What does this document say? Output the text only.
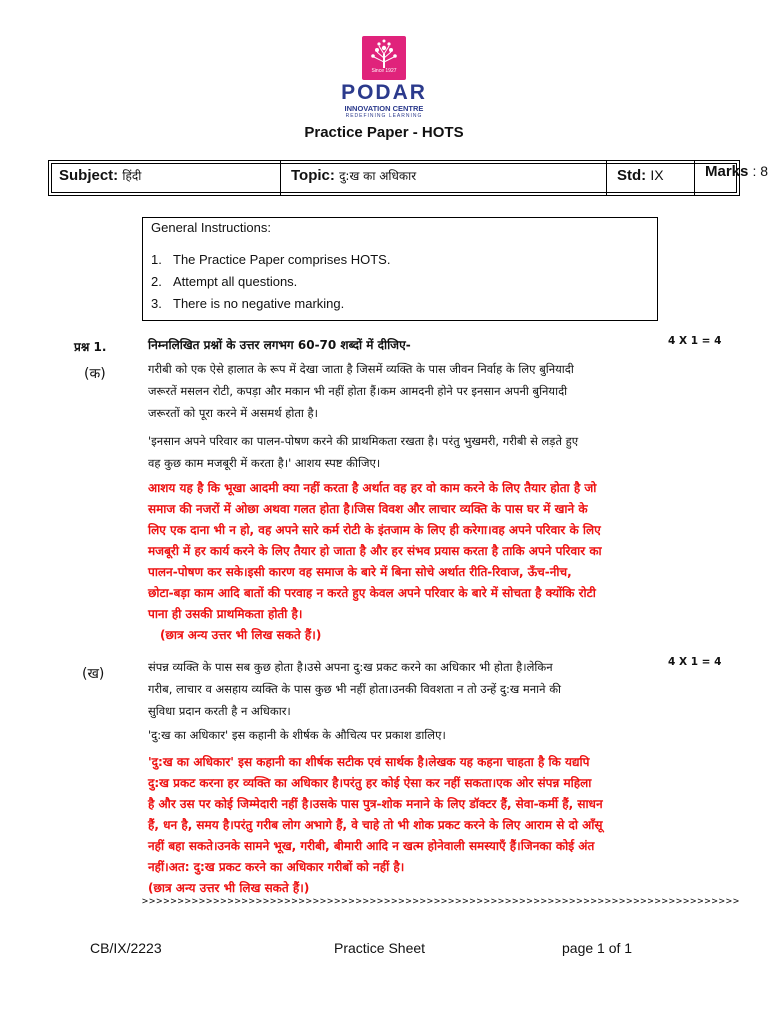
Since 1927
PODAR
INNOVATION CENTRE
REDEFINING LEARNING
Practice Paper - HOTS
Subject: हिंदी	Topic: दु:ख का अधिकार	Std: IX	Marks : 8
General Instructions:
1. The Practice Paper comprises HOTS.
2. Attempt all questions.
3. There is no negative marking.
प्रश्न 1.	निम्नलिखित प्रश्नों के उत्तर लगभग 60-70 शब्दों में दीजिए-	4 X 1 = 4
(क)	गरीबी को एक ऐसे हालात के रूप में देखा जाता है जिसमें व्यक्ति के पास जीवन निर्वाह के लिए बुनियादी
जरूरतें मसलन रोटी, कपड़ा और मकान भी नहीं होता हैं।कम आमदनी होने पर इनसान अपनी बुनियादी
जरूरतों को पूरा करने में असमर्थ होता है।
'इनसान अपने परिवार का पालन-पोषण करने की प्राथमिकता रखता है। परंतु भुखमरी, गरीबी से लड़ते हुए
वह कुछ काम मजबूरी में करता है।' आशय स्पष्ट कीजिए।
आशय यह है कि भूखा आदमी क्या नहीं करता है अर्थात वह हर वो काम करने के लिए तैयार होता है जो
समाज की नजरों में ओछा अथवा गलत होता है।जिस विवश और लाचार व्यक्ति के पास घर में खाने के
लिए एक दाना भी न हो, वह अपने सारे कर्म रोटी के इंतजाम के लिए ही करेगा।वह अपने परिवार के लिए
मजबूरी में हर कार्य करने के लिए तैयार हो जाता है और हर संभव प्रयास करता है ताकि अपने परिवार का
पालन-पोषण कर सके।इसी कारण वह समाज के बारे में बिना सोचे अर्थात रीति-रिवाज, ऊँच-नीच,
छोटा-बड़ा काम आदि बातों की परवाह न करते हुए केवल अपने परिवार के बारे में सोचता है क्योंकि रोटी
पाना ही उसकी प्राथमिकता होती है।
(छात्र अन्य उत्तर भी लिख सकते हैं।)
(ख)
4 X 1 = 4
संपन्न व्यक्ति के पास सब कुछ होता है।उसे अपना दु:ख प्रकट करने का अधिकार भी होता है।लेकिन
गरीब, लाचार व असहाय व्यक्ति के पास कुछ भी नहीं होता।उनकी विवशता न तो उन्हें दु:ख मनाने की
सुविधा प्रदान करती है न अधिकार।
'दु:ख का अधिकार' इस कहानी के शीर्षक के औचित्य पर प्रकाश डालिए।
'दु:ख का अधिकार' इस कहानी का शीर्षक सटीक एवं सार्थक है।लेखक यह कहना चाहता है कि यद्यपि
दु:ख प्रकट करना हर व्यक्ति का अधिकार है।परंतु हर कोई ऐसा कर नहीं सकता।एक ओर संपन्न महिला
है और उस पर कोई जिम्मेदारी नहीं है।उसके पास पुत्र-शोक मनाने के लिए डॉक्टर हैं, सेवा-कर्मी हैं, साधन
हैं, धन है, समय है।परंतु गरीब लोग अभागे हैं, वे चाहे तो भी शोक प्रकट करने के लिए आराम से दो आँसू
नहीं बहा सकते।उनके सामने भूख, गरीबी, बीमारी आदि न खत्म होनेवाली समस्याएँ हैं।जिनका कोई अंत
नहीं।अत: दु:ख प्रकट करने का अधिकार गरीबों को नहीं है।
(छात्र अन्य उत्तर भी लिख सकते हैं।)
>>>>>>>>>>>>>>>>>>>>>>>>>>>>>>>>>>>>>>>>>>>>>>>>>>>>>>>>>>>>>>>>>>>>>>>>>>>>>>>>>>>>
CB/IX/2223	Practice Sheet	page 1 of 1
